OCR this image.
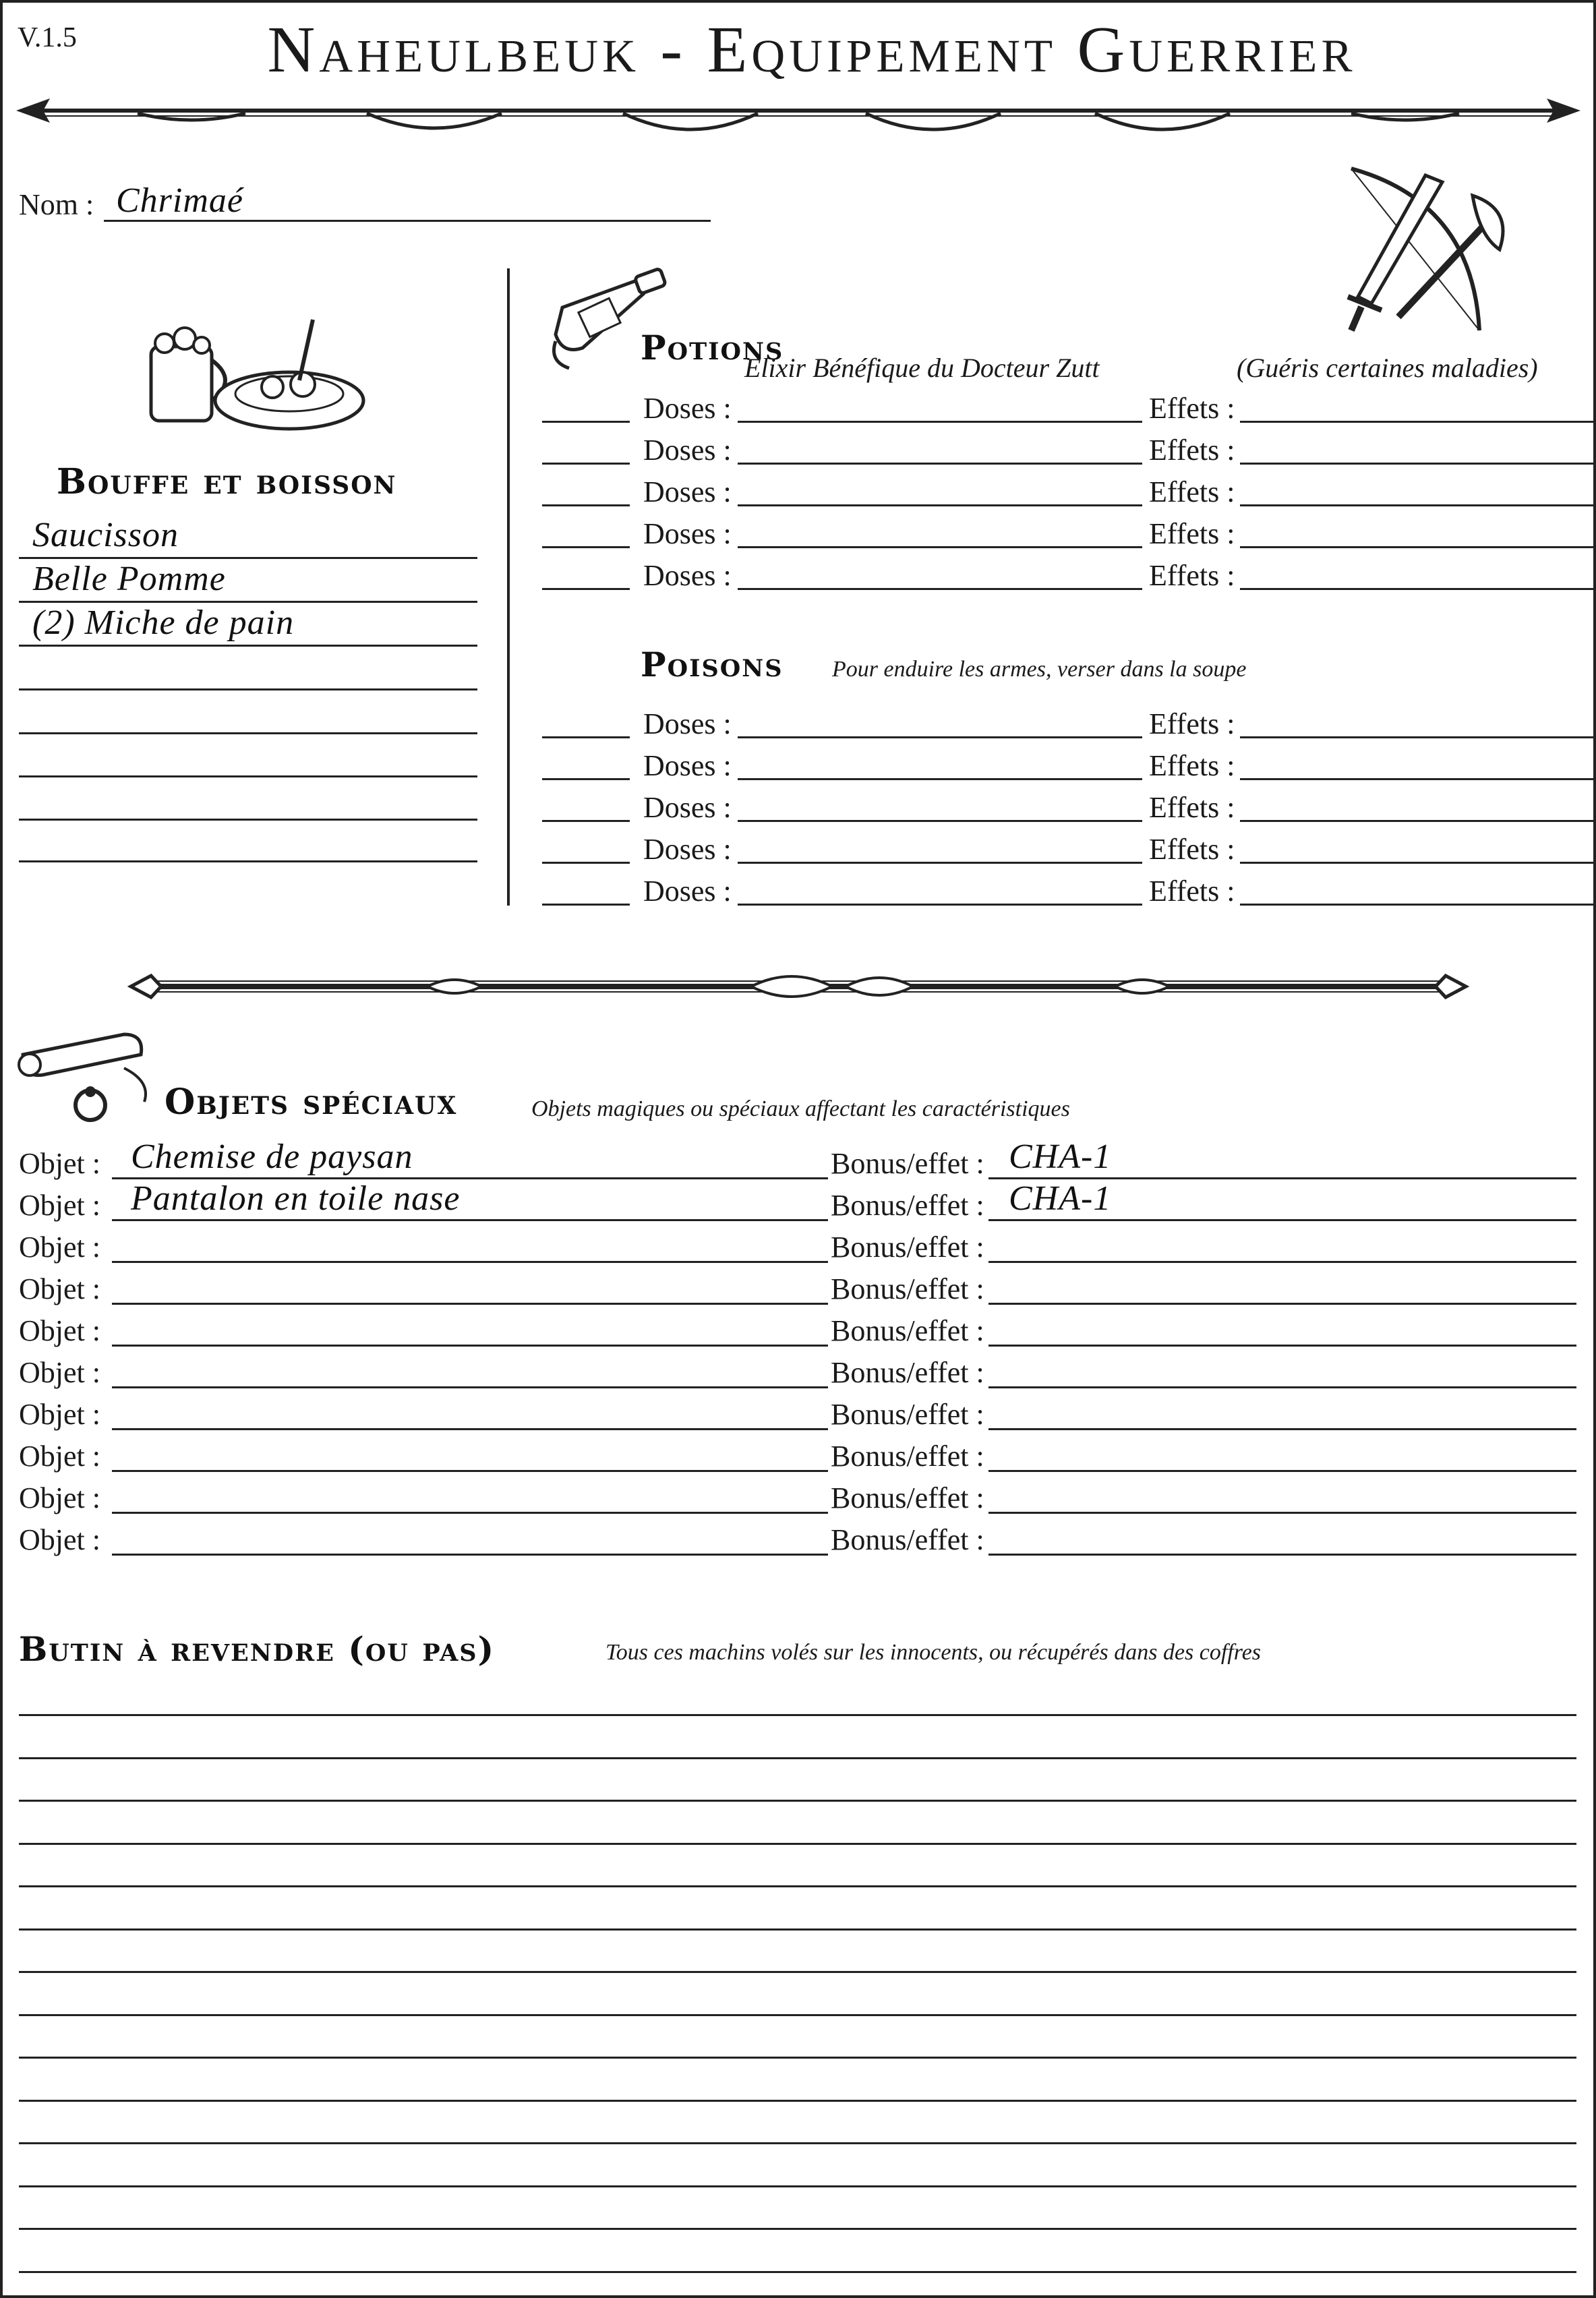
V.1.5	Naheulbeuk - Equipement Guerrier
Nom : Chrimaé
Bouffe et boisson
Saucisson
Belle Pomme
(2) Miche de pain
Potions
Elixir Bénéfique du Docteur Zutt	(Guéris certaines maladies)
Doses :	Effets :
Doses :	Effets :
Doses :	Effets :
Doses :	Effets :
Doses :	Effets :
Poisons Pour enduire les armes, verser dans la soupe
Doses :	Effets :
Doses :	Effets :
Doses :	Effets :
Doses :	Effets :
Doses :	Effets :
Objets spéciaux	Objets magiques ou spéciaux affectant les caractéristiques
Objet : Chemise de paysan	Bonus/effet : CHA-1
Objet : Pantalon en toile nase	Bonus/effet : CHA-1
Objet :	Bonus/effet :
Objet :	Bonus/effet :
Objet :	Bonus/effet :
Objet :	Bonus/effet :
Objet :	Bonus/effet :
Objet :	Bonus/effet :
Objet :	Bonus/effet :
Objet :	Bonus/effet :
Butin à revendre (ou pas)	Tous ces machins volés sur les innocents, ou récupérés dans des coffres
